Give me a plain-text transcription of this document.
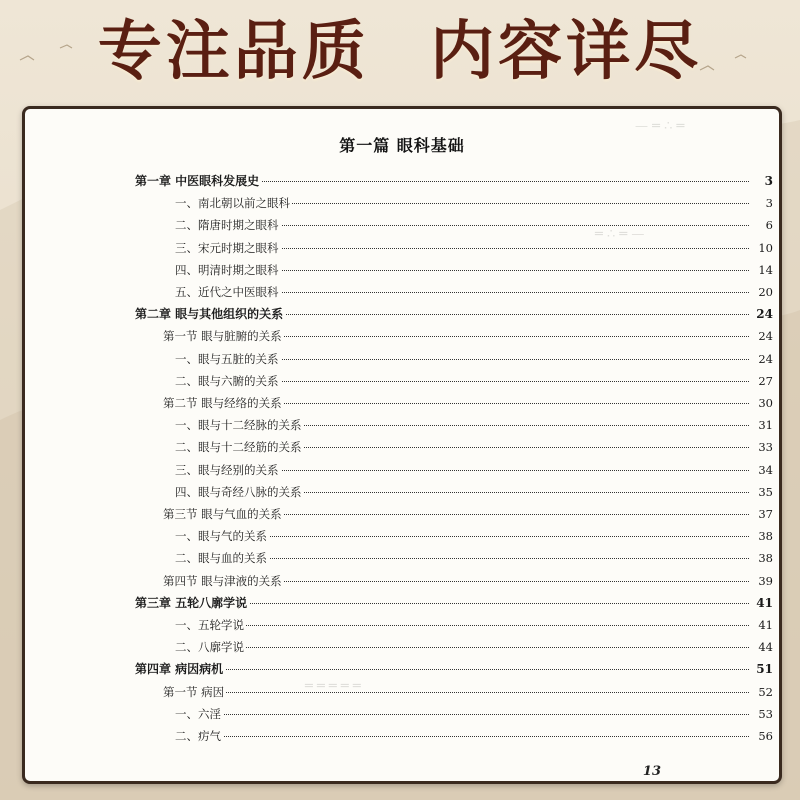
专注品质 内容详尽
— ═ ∴ ═
═ ∴ ═ —
═ ═ ═ ═ ═
第一篇 眼科基础
第一章 中医眼科发展史	3
一、南北朝以前之眼科	3
二、隋唐时期之眼科	6
三、宋元时期之眼科	10
四、明清时期之眼科	14
五、近代之中医眼科	20
第二章 眼与其他组织的关系	24
第一节 眼与脏腑的关系	24
一、眼与五脏的关系	24
二、眼与六腑的关系	27
第二节 眼与经络的关系	30
一、眼与十二经脉的关系	31
二、眼与十二经筋的关系	33
三、眼与经别的关系	34
四、眼与奇经八脉的关系	35
第三节 眼与气血的关系	37
一、眼与气的关系	38
二、眼与血的关系	38
第四节 眼与津液的关系	39
第三章 五轮八廓学说	41
一、五轮学说	41
二、八廓学说	44
第四章 病因病机	51
第一节 病因	52
一、六淫	53
二、疠气	56
13
